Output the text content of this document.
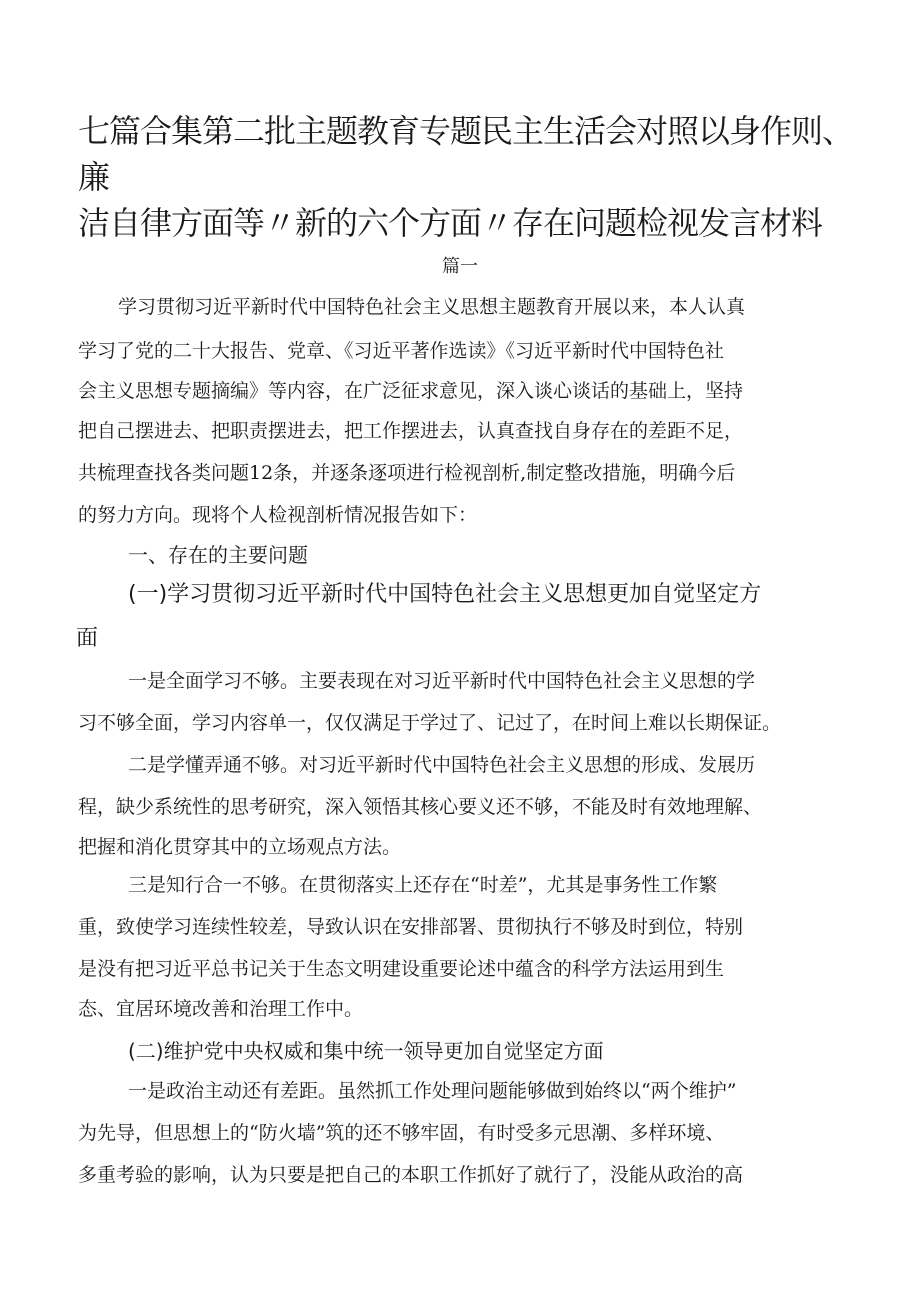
七篇合集第二批主题教育专题民主生活会对照以身作则、廉
洁自律方面等〃新的六个方面〃存在问题检视发言材料
篇一
学习贯彻习近平新时代中国特色社会主义思想主题教育开展以来，本人认真
学习了党的二十大报告、党章、《习近平著作选读》《习近平新时代中国特色社
会主义思想专题摘编》等内容，在广泛征求意见，深入谈心谈话的基础上，坚持
把自己摆进去、把职责摆进去，把工作摆进去，认真查找自身存在的差距不足，
共梳理查找各类问题12条，并逐条逐项进行检视剖析,制定整改措施，明确今后
的努力方向。现将个人检视剖析情况报告如下：
一、存在的主要问题
(一)学习贯彻习近平新时代中国特色社会主义思想更加自觉坚定方
面
一是全面学习不够。主要表现在对习近平新时代中国特色社会主义思想的学
习不够全面，学习内容单一，仅仅满足于学过了、记过了，在时间上难以长期保证。
二是学懂弄通不够。对习近平新时代中国特色社会主义思想的形成、发展历
程，缺少系统性的思考研究，深入领悟其核心要义还不够，不能及时有效地理解、
把握和消化贯穿其中的立场观点方法。
三是知行合一不够。在贯彻落实上还存在“时差”，尤其是事务性工作繁
重，致使学习连续性较差，导致认识在安排部署、贯彻执行不够及时到位，特别
是没有把习近平总书记关于生态文明建设重要论述中蕴含的科学方法运用到生
态、宜居环境改善和治理工作中。
(二)维护党中央权威和集中统一领导更加自觉坚定方面
一是政治主动还有差距。虽然抓工作处理问题能够做到始终以“两个维护”
为先导，但思想上的“防火墙”筑的还不够牢固，有时受多元思潮、多样环境、
多重考验的影响，认为只要是把自己的本职工作抓好了就行了，没能从政治的高
